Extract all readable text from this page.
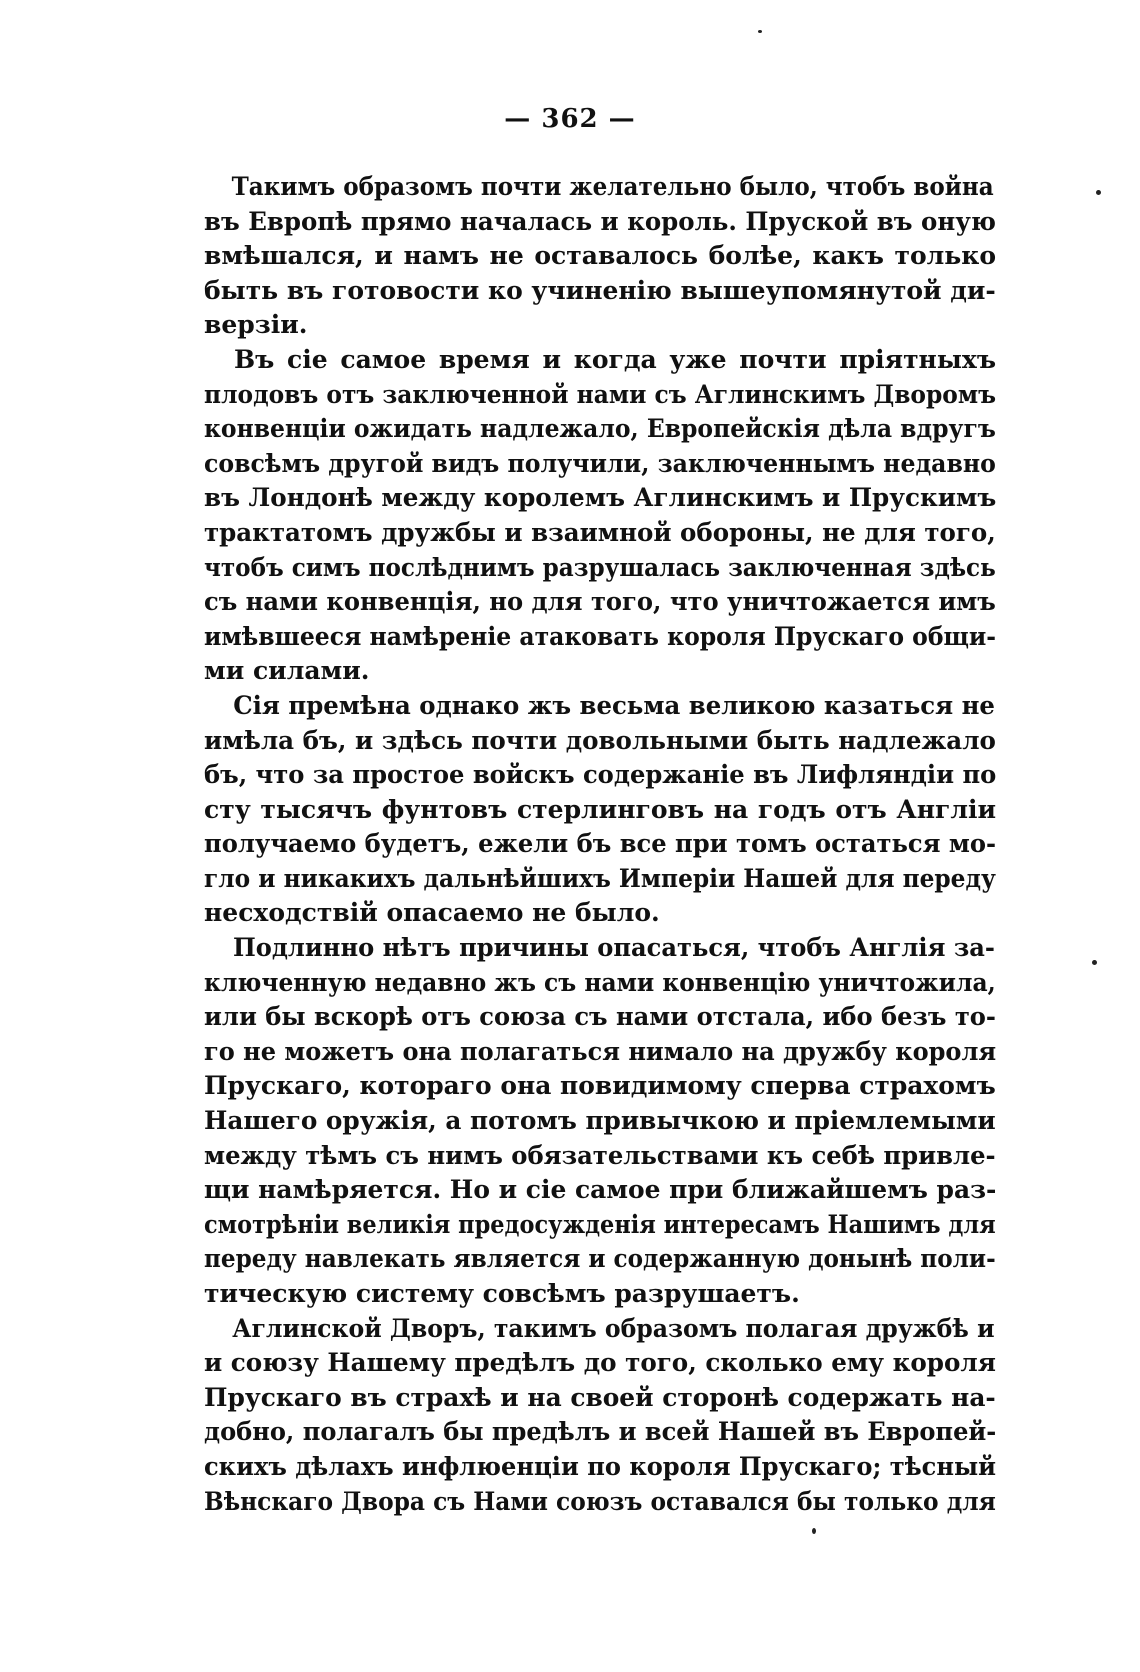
— 362 —
Такимъ образомъ почти желательно было, чтобъ война
въ Европѣ прямо началась и король. Пруской въ оную
вмѣшался, и намъ не оставалось болѣе, какъ только
быть въ готовости ко учиненію вышеупомянутой ди-
верзіи.
Въ сіе самое время и когда уже почти пріятныхъ
плодовъ отъ заключенной нами съ Аглинскимъ Дворомъ
конвенціи ожидать надлежало, Европейскія дѣла вдругъ
совсѣмъ другой видъ получили, заключеннымъ недавно
въ Лондонѣ между королемъ Аглинскимъ и Прускимъ
трактатомъ дружбы и взаимной обороны, не для того,
чтобъ симъ послѣднимъ разрушалась заключенная здѣсь
съ нами конвенція, но для того, что уничтожается имъ
имѣвшееся намѣреніе атаковать короля Прускаго общи-
ми силами.
Сія премѣна однако жъ весьма великою казаться не
имѣла бъ, и здѣсь почти довольными быть надлежало
бъ, что за простое войскъ содержаніе въ Лифляндіи по
сту тысячъ фунтовъ стерлинговъ на годъ отъ Англіи
получаемо будетъ, ежели бъ все при томъ остаться мо-
гло и никакихъ дальнѣйшихъ Имперіи Нашей для переду
несходствій опасаемо не было.
Подлинно нѣтъ причины опасаться, чтобъ Англія за-
ключенную недавно жъ съ нами конвенцію уничтожила,
или бы вскорѣ отъ союза съ нами отстала, ибо безъ то-
го не можетъ она полагаться нимало на дружбу короля
Прускаго, котораго она повидимому сперва страхомъ
Нашего оружія, а потомъ привычкою и пріемлемыми
между тѣмъ съ нимъ обязательствами къ себѣ привле-
щи намѣряется. Но и сіе самое при ближайшемъ раз-
смотрѣніи великія предосужденія интересамъ Нашимъ для
переду навлекать является и содержанную донынѣ поли-
тическую систему совсѣмъ разрушаетъ.
Аглинской Дворъ, такимъ образомъ полагая дружбѣ и
и союзу Нашему предѣлъ до того, сколько ему короля
Прускаго въ страхѣ и на своей сторонѣ содержать на-
добно, полагалъ бы предѣлъ и всей Нашей въ Европей-
скихъ дѣлахъ инфлюенціи по короля Прускаго; тѣсный
Вѣнскаго Двора съ Нами союзъ оставался бы только для
